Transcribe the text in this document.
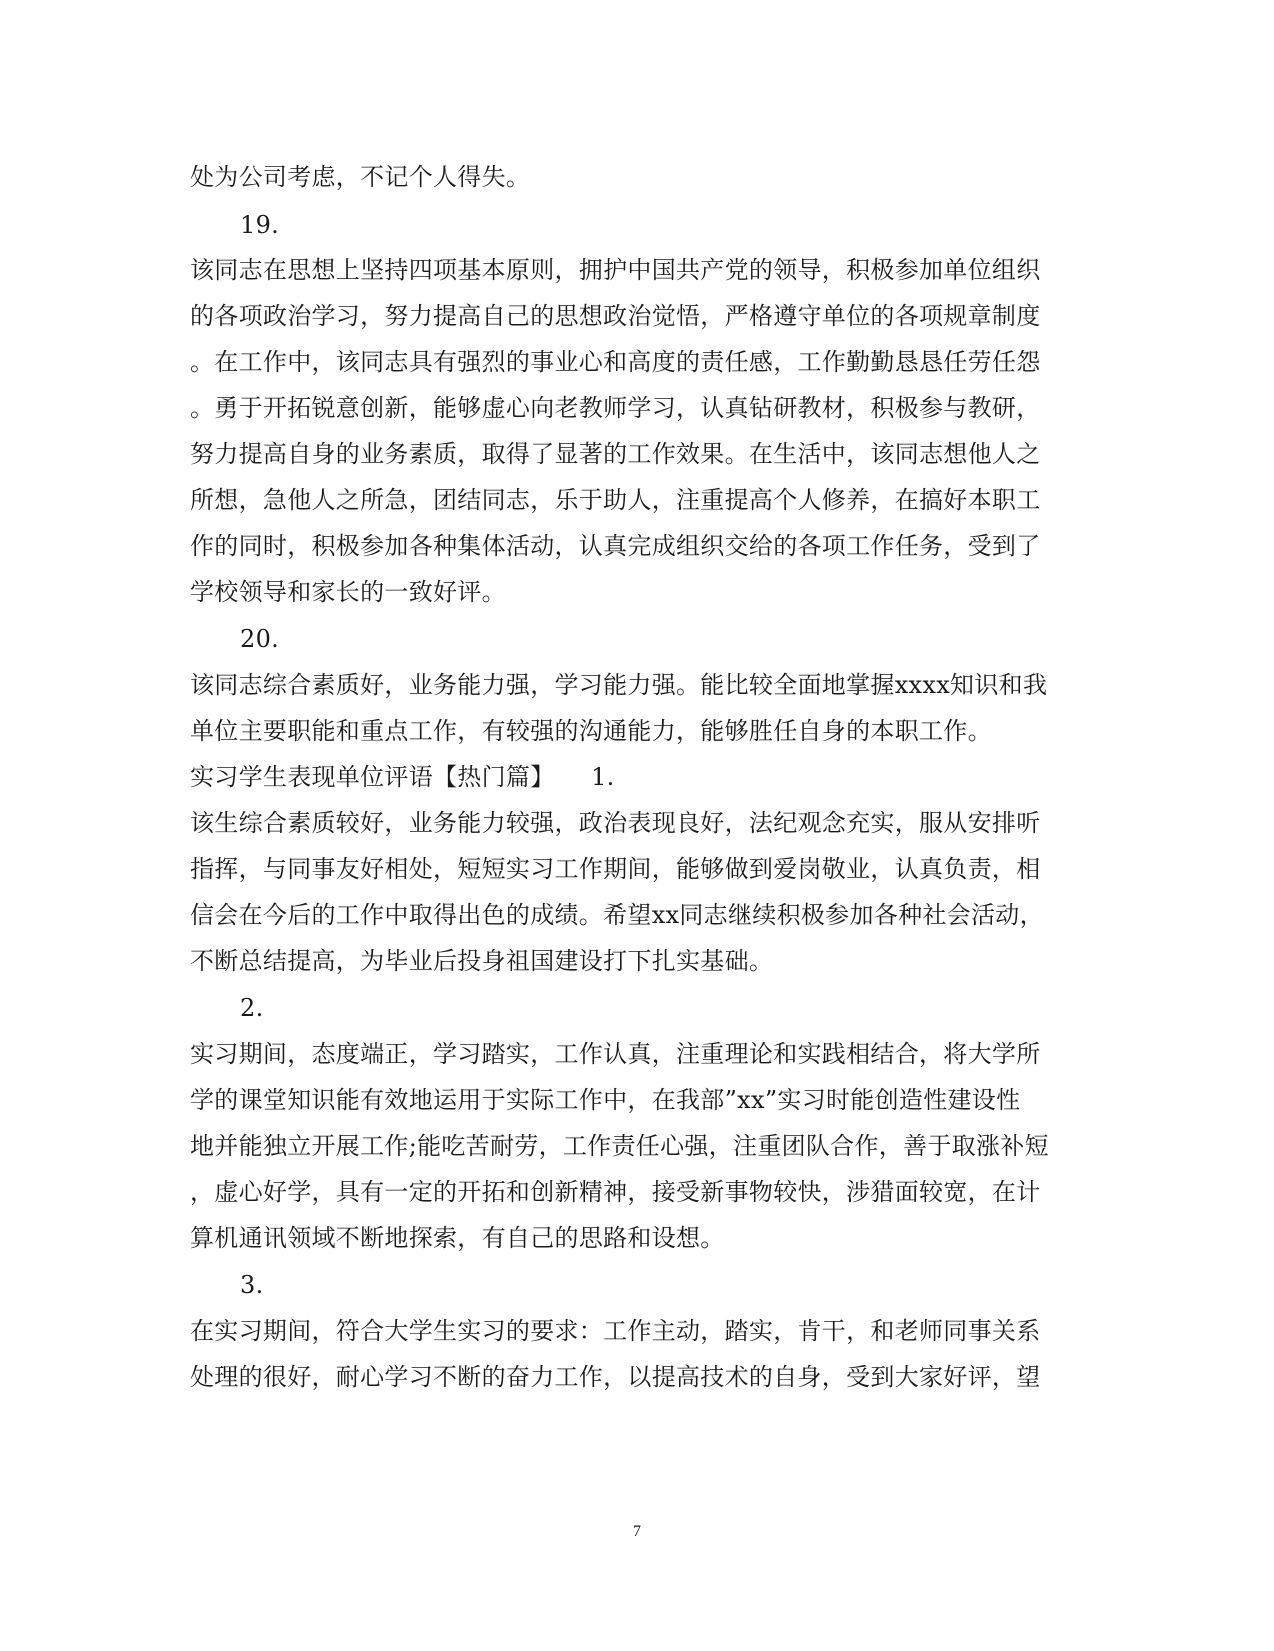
处为公司考虑，不记个人得失。
19.
该同志在思想上坚持四项基本原则，拥护中国共产党的领导，积极参加单位组织
的各项政治学习，努力提高自己的思想政治觉悟，严格遵守单位的各项规章制度
。在工作中，该同志具有强烈的事业心和高度的责任感，工作勤勤恳恳任劳任怨
。勇于开拓锐意创新，能够虚心向老教师学习，认真钻研教材，积极参与教研，
努力提高自身的业务素质，取得了显著的工作效果。在生活中，该同志想他人之
所想，急他人之所急，团结同志，乐于助人，注重提高个人修养，在搞好本职工
作的同时，积极参加各种集体活动，认真完成组织交给的各项工作任务，受到了
学校领导和家长的一致好评。
20.
该同志综合素质好，业务能力强，学习能力强。能比较全面地掌握xxxx知识和我
单位主要职能和重点工作，有较强的沟通能力，能够胜任自身的本职工作。
实习学生表现单位评语【热门篇】　　1.
该生综合素质较好，业务能力较强，政治表现良好，法纪观念充实，服从安排听
指挥，与同事友好相处，短短实习工作期间，能够做到爱岗敬业，认真负责，相
信会在今后的工作中取得出色的成绩。希望xx同志继续积极参加各种社会活动，
不断总结提高，为毕业后投身祖国建设打下扎实基础。
2.
实习期间，态度端正，学习踏实，工作认真，注重理论和实践相结合，将大学所
学的课堂知识能有效地运用于实际工作中，在我部”xx”实习时能创造性建设性
地并能独立开展工作;能吃苦耐劳，工作责任心强，注重团队合作，善于取涨补短
，虚心好学，具有一定的开拓和创新精神，接受新事物较快，涉猎面较宽，在计
算机通讯领域不断地探索，有自己的思路和设想。
3.
在实习期间，符合大学生实习的要求：工作主动，踏实，肯干，和老师同事关系
处理的很好，耐心学习不断的奋力工作，以提高技术的自身，受到大家好评，望
7
